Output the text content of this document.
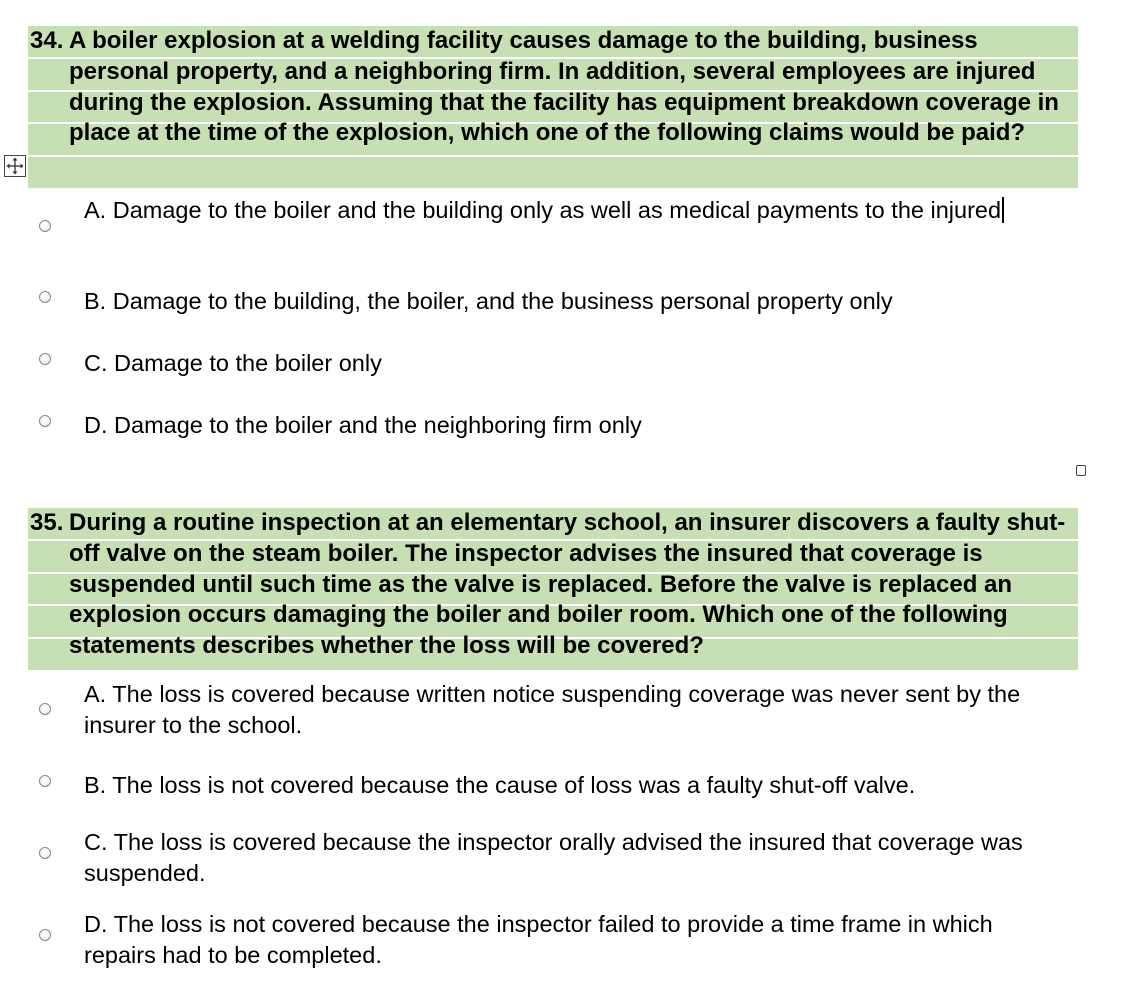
34. A boiler explosion at a welding facility causes damage to the building, business personal property, and a neighboring firm. In addition, several employees are injured during the explosion. Assuming that the facility has equipment breakdown coverage in place at the time of the explosion, which one of the following claims would be paid?
A. Damage to the boiler and the building only as well as medical payments to the injured
B. Damage to the building, the boiler, and the business personal property only
C. Damage to the boiler only
D. Damage to the boiler and the neighboring firm only
35. During a routine inspection at an elementary school, an insurer discovers a faulty shut-off valve on the steam boiler. The inspector advises the insured that coverage is suspended until such time as the valve is replaced. Before the valve is replaced an explosion occurs damaging the boiler and boiler room. Which one of the following statements describes whether the loss will be covered?
A. The loss is covered because written notice suspending coverage was never sent by the insurer to the school.
B. The loss is not covered because the cause of loss was a faulty shut-off valve.
C. The loss is covered because the inspector orally advised the insured that coverage was suspended.
D. The loss is not covered because the inspector failed to provide a time frame in which repairs had to be completed.
